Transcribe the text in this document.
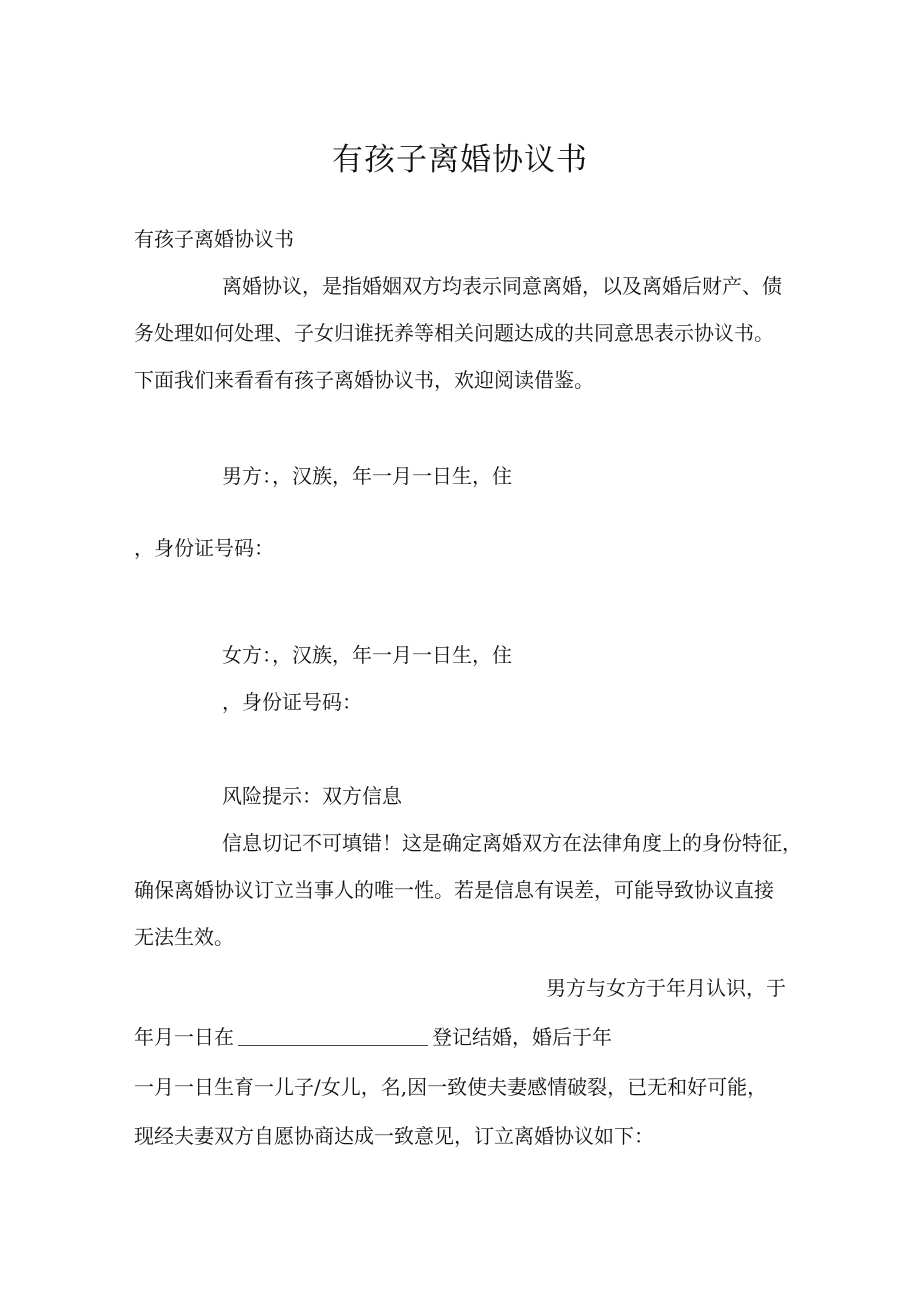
有孩子离婚协议书
有孩子离婚协议书
离婚协议，是指婚姻双方均表示同意离婚，以及离婚后财产、债
务处理如何处理、子女归谁抚养等相关问题达成的共同意思表示协议书。
下面我们来看看有孩子离婚协议书，欢迎阅读借鉴。
男方：，汉族，年一月一日生，住
，身份证号码：
女方：，汉族，年一月一日生，住
，身份证号码：
风险提示：双方信息
信息切记不可填错！这是确定离婚双方在法律角度上的身份特征，
确保离婚协议订立当事人的唯一性。若是信息有误差，可能导致协议直接
无法生效。
男方与女方于年月认识，于
年月一日在	登记结婚，婚后于年
一月一日生育一儿子/女儿，名,因一致使夫妻感情破裂，已无和好可能，
现经夫妻双方自愿协商达成一致意见，订立离婚协议如下：
